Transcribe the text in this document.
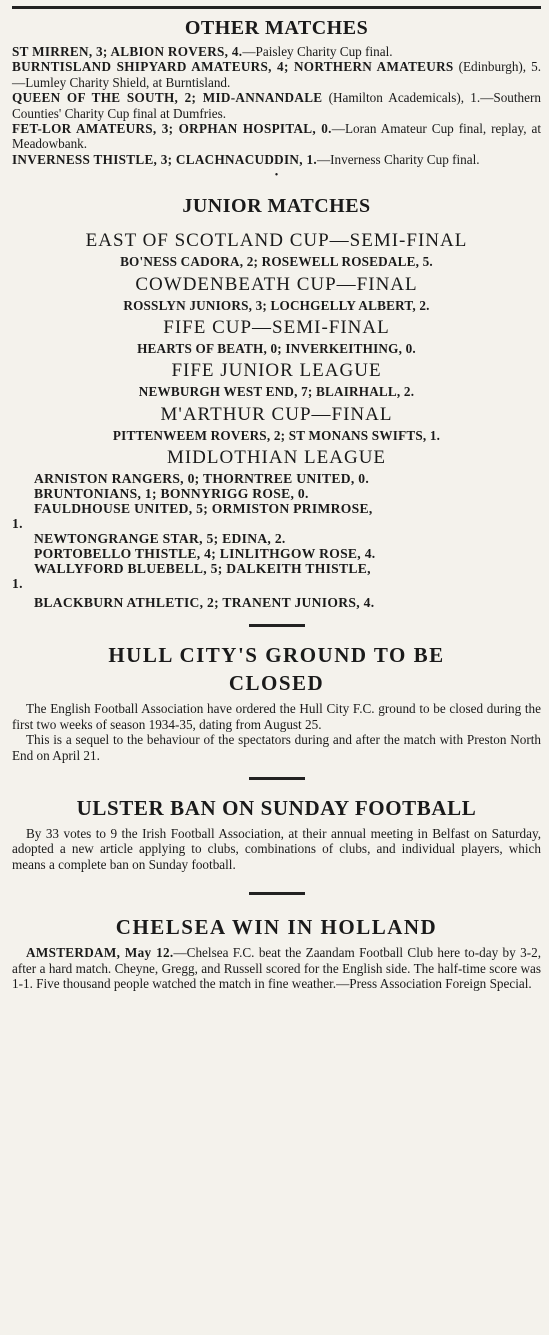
OTHER MATCHES

ST MIRREN, 3; ALBION ROVERS, 4.—Paisley Charity Cup final.

BURNTISLAND SHIPYARD AMATEURS, 4; NORTHERN AMATEURS (Edinburgh), 5.—Lumley Charity Shield, at Burntisland.

QUEEN OF THE SOUTH, 2; MID-ANNANDALE (Hamilton Academicals), 1.—Southern Counties' Charity Cup final at Dumfries.

FET-LOR AMATEURS, 3; ORPHAN HOSPITAL, 0.—Loran Amateur Cup final, replay, at Meadowbank.

INVERNESS THISTLE, 3; CLACHNACUDDIN, 1.—Inverness Charity Cup final.

•
JUNIOR MATCHES
EAST OF SCOTLAND CUP—SEMI-FINAL

BO'NESS CADORA, 2; ROSEWELL ROSEDALE, 5.

COWDENBEATH CUP—FINAL

ROSSLYN JUNIORS, 3; LOCHGELLY ALBERT, 2.

FIFE CUP—SEMI-FINAL

HEARTS OF BEATH, 0; INVERKEITHING, 0.

FIFE JUNIOR LEAGUE

NEWBURGH WEST END, 7; BLAIRHALL, 2.

M'ARTHUR CUP—FINAL

PITTENWEEM ROVERS, 2; ST MONANS SWIFTS, 1.

MIDLOTHIAN LEAGUE

ARNISTON RANGERS, 0; THORNTREE UNITED, 0.

BRUNTONIANS, 1; BONNYRIGG ROSE, 0.

FAULDHOUSE UNITED, 5; ORMISTON PRIMROSE,

1.

NEWTONGRANGE STAR, 5; EDINA, 2.

PORTOBELLO THISTLE, 4; LINLITHGOW ROSE, 4.

WALLYFORD BLUEBELL, 5; DALKEITH THISTLE,

1.

BLACKBURN ATHLETIC, 2; TRANENT JUNIORS, 4.

HULL CITY'S GROUND TO BE
CLOSED

The English Football Association have ordered the Hull City F.C. ground to be closed during the first two weeks of season 1934-35, dating from August 25.

This is a sequel to the behaviour of the spectators during and after the match with Preston North End on April 21.

ULSTER BAN ON SUNDAY FOOTBALL

By 33 votes to 9 the Irish Football Association, at their annual meeting in Belfast on Saturday, adopted a new article applying to clubs, combinations of clubs, and individual players, which means a complete ban on Sunday football.

CHELSEA WIN IN HOLLAND

AMSTERDAM, May 12.—Chelsea F.C. beat the Zaandam Football Club here to-day by 3-2, after a hard match. Cheyne, Gregg, and Russell scored for the English side. The half-time score was 1-1. Five thousand people watched the match in fine weather.—Press Association Foreign Special.
